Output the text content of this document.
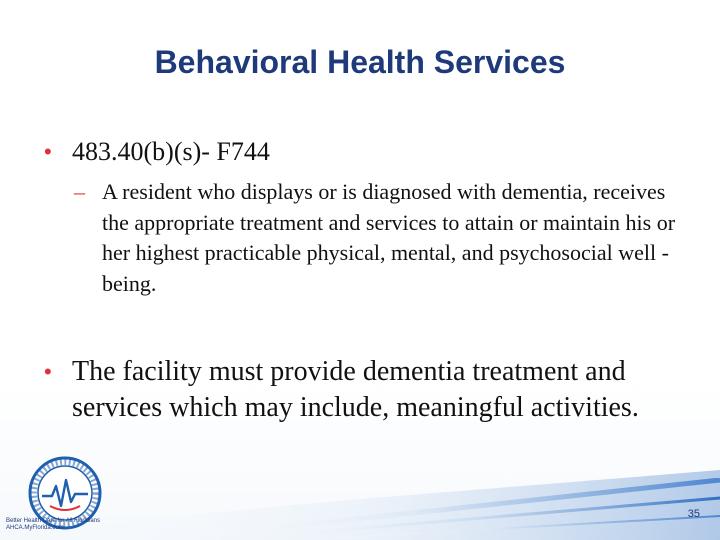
Behavioral Health Services
• 483.40(b)(s)- F744
– A resident who displays or is diagnosed with dementia, receives the appropriate treatment and services to attain or maintain his or her highest practicable physical, mental, and psychosocial well -being.
• The facility must provide dementia treatment and services which may include, meaningful activities.
Better Health Care for All Floridians
AHCA.MyFlorida.com
35
